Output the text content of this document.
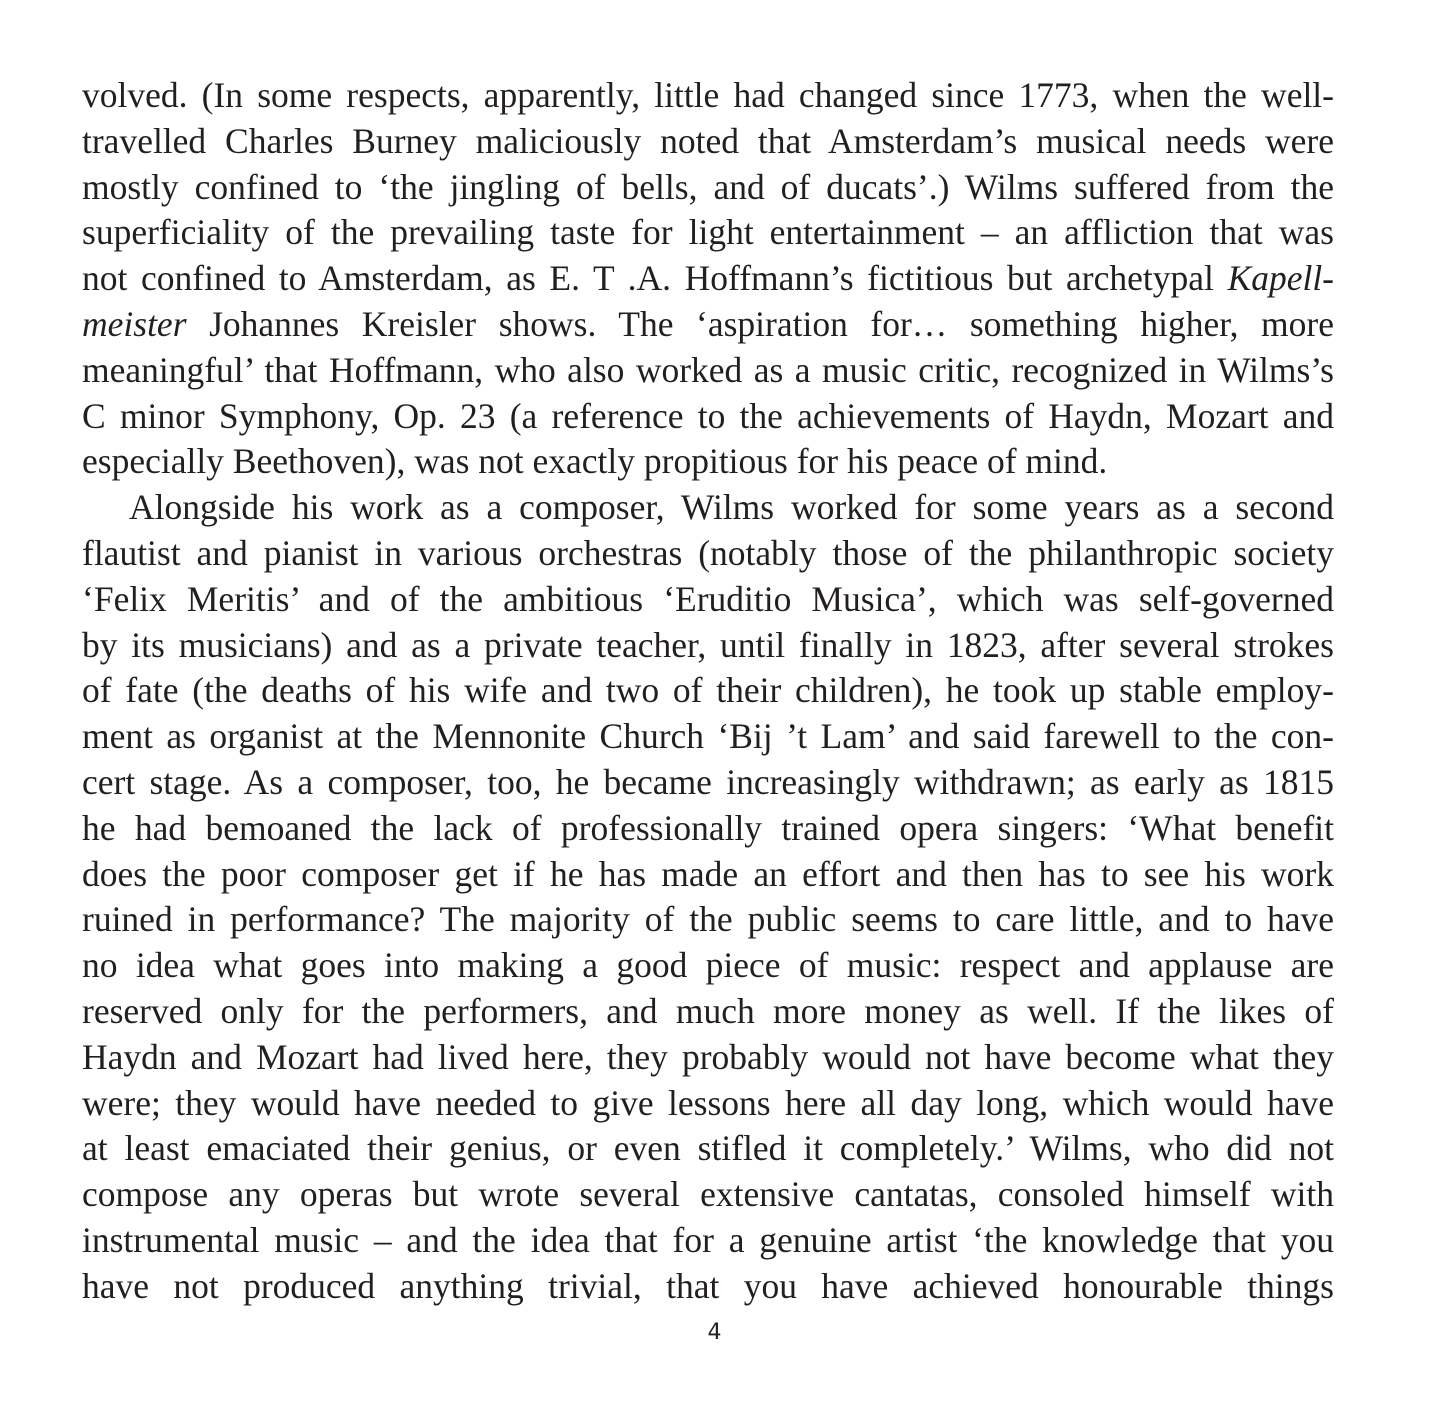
volved. (In some respects, apparently, little had changed since 1773, when the well-
travelled Charles Burney maliciously noted that Amsterdam’s musical needs were
mostly confined to ‘the jingling of bells, and of ducats’.) Wilms suffered from the
superficiality of the prevailing taste for light entertainment – an affliction that was
not confined to Amsterdam, as E. T .A. Hoffmann’s fictitious but archetypal Kapell-
meister Johannes Kreisler shows. The ‘aspiration for… something higher, more
meaningful’ that Hoffmann, who also worked as a music critic, recognized in Wilms’s
C minor Symphony, Op. 23 (a reference to the achievements of Haydn, Mozart and
especially Beethoven), was not exactly propitious for his peace of mind.
Alongside his work as a composer, Wilms worked for some years as a second
flautist and pianist in various orchestras (notably those of the philanthropic society
‘Felix Meritis’ and of the ambitious ‘Eruditio Musica’, which was self-governed
by its musicians) and as a private teacher, until finally in 1823, after several strokes
of fate (the deaths of his wife and two of their children), he took up stable employ-
ment as organist at the Mennonite Church ‘Bij ’t Lam’ and said farewell to the con-
cert stage. As a composer, too, he became increasingly withdrawn; as early as 1815
he had bemoaned the lack of professionally trained opera singers: ‘What benefit
does the poor composer get if he has made an effort and then has to see his work
ruined in performance? The majority of the public seems to care little, and to have
no idea what goes into making a good piece of music: respect and applause are
reserved only for the performers, and much more money as well. If the likes of
Haydn and Mozart had lived here, they probably would not have become what they
were; they would have needed to give lessons here all day long, which would have
at least emaciated their genius, or even stifled it completely.’ Wilms, who did not
compose any operas but wrote several extensive cantatas, consoled himself with
instrumental music – and the idea that for a genuine artist ‘the knowledge that you
have not produced anything trivial, that you have achieved honourable things
4
